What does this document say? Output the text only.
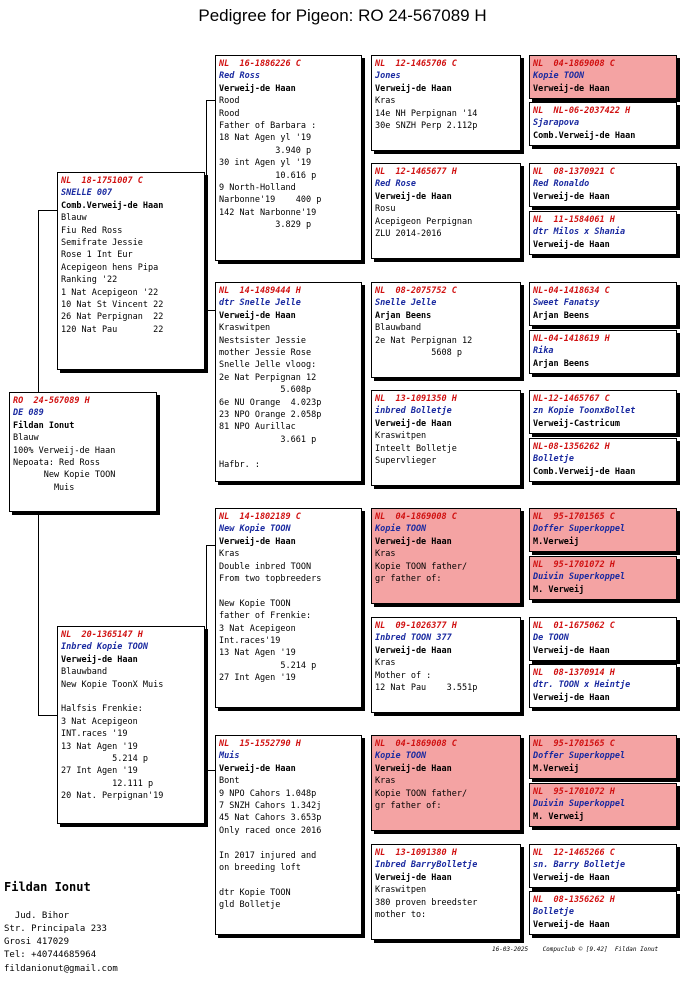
Pedigree for Pigeon: RO 24-567089 H
RO  24-567089 H
DE 089
Fildan Ionut
Blauw
100% Verweij-de Haan
Nepoata: Red Ross
New Kopie TOON
Muis
NL  18-1751007 C
SNELLE 007
Comb.Verweij-de Haan
Blauw
Fiu Red Ross
Semifrate Jessie
Rose 1 Int Eur
Acepigeon hens Pipa
Ranking '22
1 Nat Acepigeon '22
10 Nat St Vincent 22
26 Nat Perpignan  22
120 Nat Pau       22
NL  20-1365147 H
Inbred Kopie TOON
Verweij-de Haan
Blauwband
New Kopie ToonX Muis

Halfsis Frenkie:
3 Nat Acepigeon
INT.races '19
13 Nat Agen '19
5.214 p
27 Int Agen '19
12.111 p
20 Nat. Perpignan'19
NL  16-1886226 C
Red Ross
Verweij-de Haan
Rood
Rood
Father of Barbara :
18 Nat Agen yl '19
3.940 p
30 int Agen yl '19
10.616 p
9 North-Holland
Narbonne'19    400 p
142 Nat Narbonne'19
3.829 p
NL  14-1489444 H
dtr Snelle Jelle
Verweij-de Haan
Kraswitpen
Nestsister Jessie
mother Jessie Rose
Snelle Jelle vloog:
2e Nat Perpignan 12
5.608p
6e NU Orange  4.023p
23 NPO Orange 2.058p
81 NPO Aurillac
3.661 p

Hafbr. :
NL  14-1802189 C
New Kopie TOON
Verweij-de Haan
Kras
Double inbred TOON
From two topbreeders

New Kopie TOON
father of Frenkie:
3 Nat Acepigeon
Int.races'19
13 Nat Agen '19
5.214 p
27 Int Agen '19
NL  15-1552790 H
Muis
Verweij-de Haan
Bont
9 NPO Cahors 1.048p
7 SNZH Cahors 1.342j
45 Nat Cahors 3.653p
Only raced once 2016

In 2017 injured and
on breeding loft

dtr Kopie TOON
gld Bolletje
NL  12-1465706 C
Jones
Verweij-de Haan
Kras
14e NH Perpignan '14
30e SNZH Perp 2.112p
NL  12-1465677 H
Red Rose
Verweij-de Haan
Rosu
Acepigeon Perpignan
ZLU 2014-2016
NL  08-2075752 C
Snelle Jelle
Arjan Beens
Blauwband
2e Nat Perpignan 12
5608 p
NL  13-1091350 H
inbred Bolletje
Verweij-de Haan
Kraswitpen
Inteelt Bolletje
Supervlieger
NL  04-1869008 C
Kopie TOON
Verweij-de Haan
Kras
Kopie TOON father/
gr father of:
NL  09-1026377 H
Inbred TOON 377
Verweij-de Haan
Kras
Mother of :
12 Nat Pau    3.551p
NL  04-1869008 C
Kopie TOON
Verweij-de Haan
Kras
Kopie TOON father/
gr father of:
NL  13-1091380 H
Inbred BarryBolletje
Verweij-de Haan
Kraswitpen
380 proven breedster
mother to:
NL  04-1869008 C
Kopie TOON
Verweij-de Haan
NL  NL-06-2037422 H
Sjarapova
Comb.Verweij-de Haan
NL  08-1370921 C
Red Ronaldo
Verweij-de Haan
NL  11-1584061 H
dtr Milos x Shania
Verweij-de Haan
NL-04-1418634 C
Sweet Fanatsy
Arjan Beens
NL-04-1418619 H
Rika
Arjan Beens
NL-12-1465767 C
zn Kopie ToonxBollet
Verweij-Castricum
NL-08-1356262 H
Bolletje
Comb.Verweij-de Haan
NL  95-1701565 C
Doffer Superkoppel
M.Verweij
NL  95-1701072 H
Duivin Superkoppel
M. Verweij
NL  01-1675062 C
De TOON
Verweij-de Haan
NL  08-1370914 H
dtr. TOON x Heintje
Verweij-de Haan
NL  95-1701565 C
Doffer Superkoppel
M.Verweij
NL  95-1701072 H
Duivin Superkoppel
M. Verweij
NL  12-1465266 C
sn. Barry Bolletje
Verweij-de Haan
NL  08-1356262 H
Bolletje
Verweij-de Haan

Fildan Ionut

Jud. Bihor
Str. Principala 233
Grosi 417029
Tel: +40744685964
fildanionut@gmail.com

16-03-2025    Compuclub © [9.42]  Fildan Ionut
